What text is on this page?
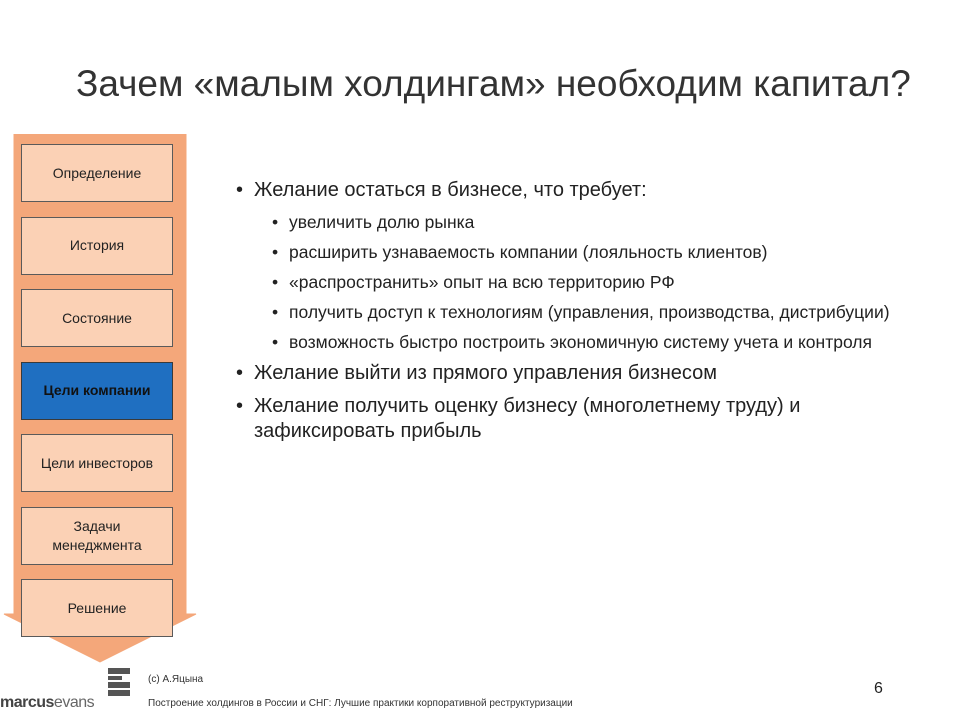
Зачем «малым холдингам» необходим капитал?
Определение
История
Состояние
Цели компании
Цели инвесторов
Задачи менеджмента
Решение
• Желание остаться в бизнесе, что требует:
• увеличить долю рынка
• расширить узнаваемость компании (лояльность клиентов)
• «распространить» опыт на всю территорию РФ
• получить доступ к технологиям (управления, производства, дистрибуции)
• возможность быстро построить экономичную систему учета и контроля
• Желание выйти из прямого управления бизнесом
• Желание получить оценку бизнесу (многолетнему труду) и зафиксировать прибыль
marcusevans
(c) А.Яцына
Построение холдингов в России и СНГ: Лучшие практики корпоративной реструктуризации
6
